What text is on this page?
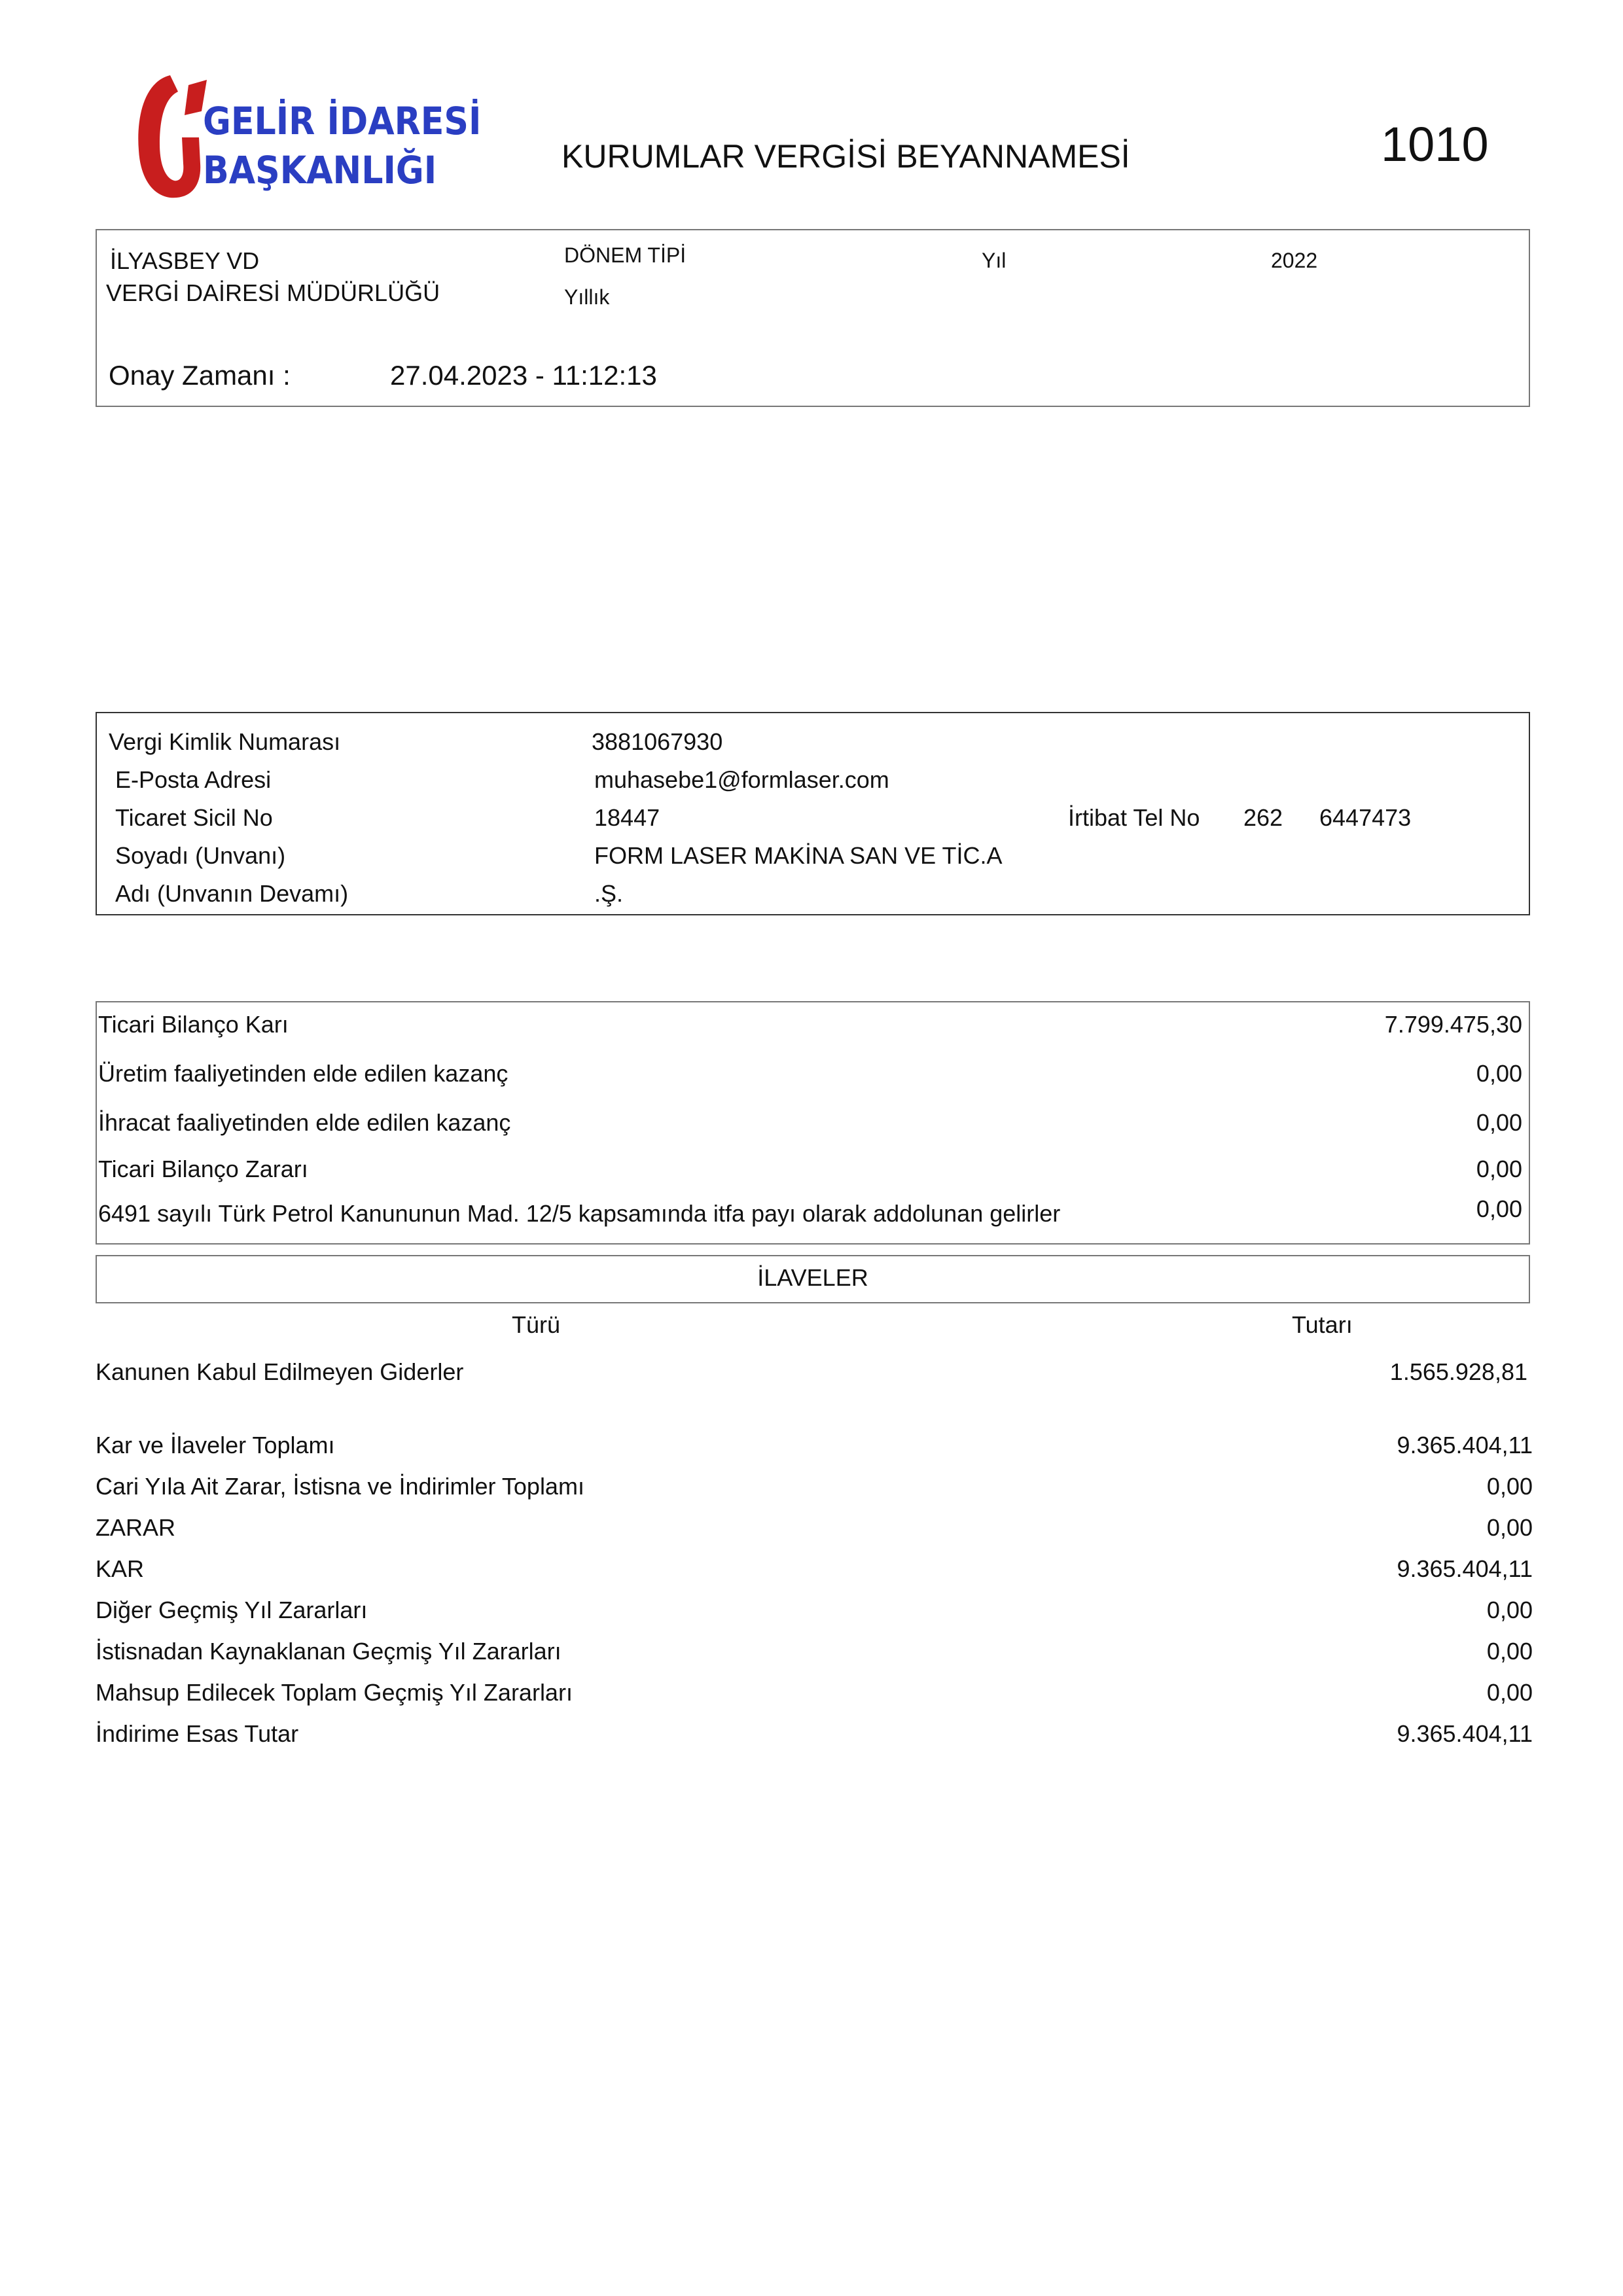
GELİR İDARESİ
BAŞKANLIĞI	KURUMLAR VERGİSİ BEYANNAMESİ	1010
İLYASBEY VD
VERGİ DAİRESİ MÜDÜRLÜĞÜ
DÖNEM TİPİ
Yıllık
Yıl	2022
Onay Zamanı :	27.04.2023 - 11:12:13
Vergi Kimlik Numarası	3881067930
E-Posta Adresi	muhasebe1@formlaser.com
Ticaret Sicil No	18447	İrtibat Tel No 262 6447473
Soyadı (Unvanı)	FORM LASER MAKİNA SAN VE TİC.A
Adı (Unvanın Devamı)	.Ş.
Ticari Bilanço Karı	7.799.475,30
Üretim faaliyetinden elde edilen kazanç	0,00
İhracat faaliyetinden elde edilen kazanç	0,00
Ticari Bilanço Zararı	0,00
6491 sayılı Türk Petrol Kanununun Mad. 12/5 kapsamında itfa payı olarak addolunan gelirler	0,00
İLAVELER
Türü	Tutarı
Kanunen Kabul Edilmeyen Giderler	1.565.928,81
Kar ve İlaveler Toplamı	9.365.404,11
Cari Yıla Ait Zarar, İstisna ve İndirimler Toplamı	0,00
ZARAR	0,00
KAR	9.365.404,11
Diğer Geçmiş Yıl Zararları	0,00
İstisnadan Kaynaklanan Geçmiş Yıl Zararları	0,00
Mahsup Edilecek Toplam Geçmiş Yıl Zararları	0,00
İndirime Esas Tutar	9.365.404,11
